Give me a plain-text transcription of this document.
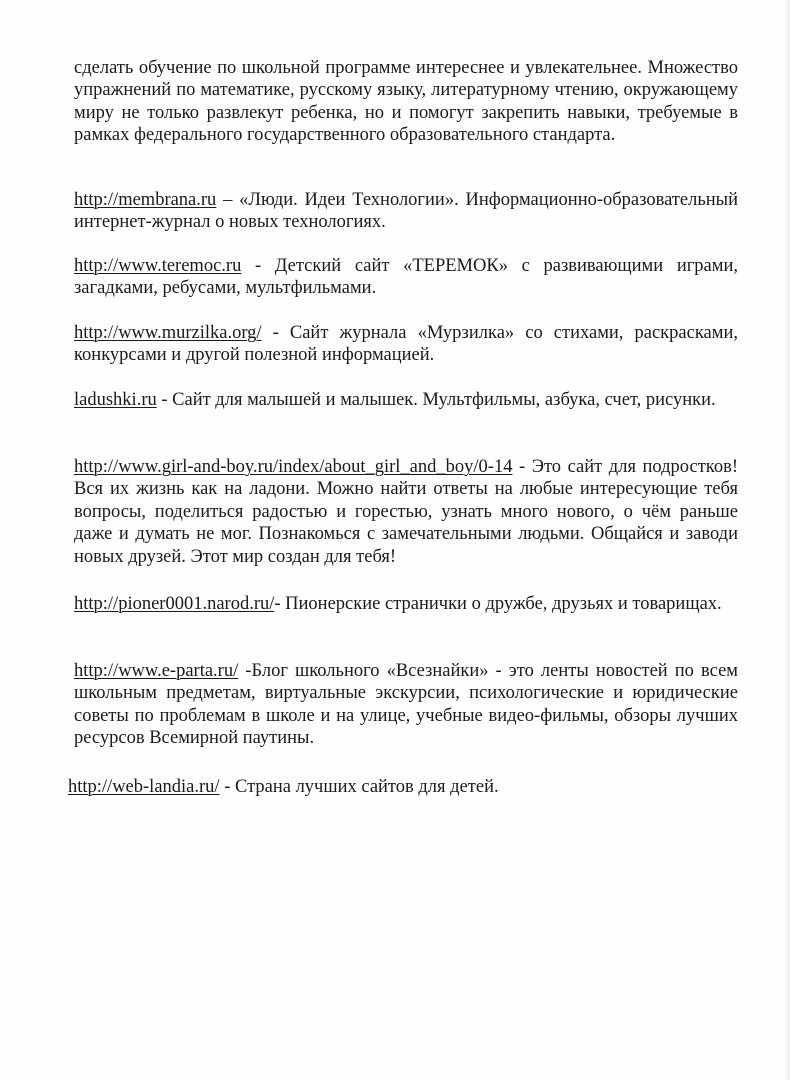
сделать обучение по школьной программе интереснее и увлекательнее. Множество упражнений по математике, русскому языку, литературному чтению, окружающему миру не только развлекут ребенка, но и помогут закрепить навыки, требуемые в рамках федерального государственного образовательного стандарта.

http://membrana.ru – «Люди. Идеи Технологии». Информационно-образовательный интернет-журнал о новых технологиях.

http://www.teremoc.ru - Детский сайт «ТЕРЕМОК» с развивающими играми, загадками, ребусами, мультфильмами.

http://www.murzilka.org/ - Сайт журнала «Мурзилка» со стихами, раскрасками, конкурсами и другой полезной информацией.

ladushki.ru - Сайт для малышей и малышек. Мультфильмы, азбука, счет, рисунки.

http://www.girl-and-boy.ru/index/about_girl_and_boy/0-14 - Это сайт для подростков! Вся их жизнь как на ладони. Можно найти ответы на любые интересующие тебя вопросы, поделиться радостью и горестью, узнать много нового, о чём раньше даже и думать не мог. Познакомься с замечательными людьми. Общайся и заводи новых друзей. Этот мир создан для тебя!

http://pioner0001.narod.ru/- Пионерские странички о дружбе, друзьях и товарищах.

http://www.e-parta.ru/ -Блог школьного «Всезнайки» - это ленты новостей по всем школьным предметам, виртуальные экскурсии, психологические и юридические советы по проблемам в школе и на улице, учебные видео-фильмы, обзоры лучших ресурсов Всемирной паутины.

http://web-landia.ru/ - Страна лучших сайтов для детей.
